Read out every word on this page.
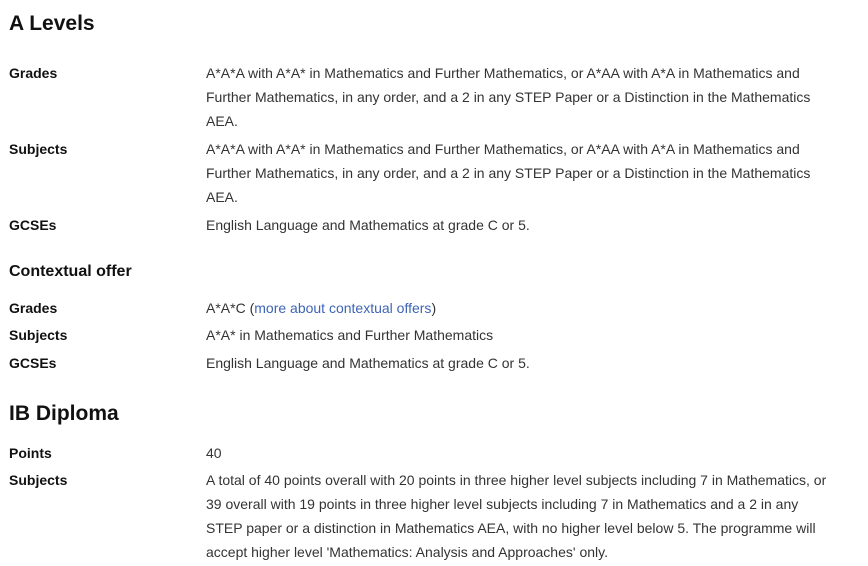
A Levels
Grades	A*A*A with A*A* in Mathematics and Further Mathematics, or A*AA with A*A in Mathematics and Further Mathematics, in any order, and a 2 in any STEP Paper or a Distinction in the Mathematics AEA.
Subjects	A*A*A with A*A* in Mathematics and Further Mathematics, or A*AA with A*A in Mathematics and Further Mathematics, in any order, and a 2 in any STEP Paper or a Distinction in the Mathematics AEA.
GCSEs	English Language and Mathematics at grade C or 5.
Contextual offer
Grades	A*A*C (more about contextual offers)
Subjects	A*A* in Mathematics and Further Mathematics
GCSEs	English Language and Mathematics at grade C or 5.
IB Diploma
Points	40
Subjects	A total of 40 points overall with 20 points in three higher level subjects including 7 in Mathematics, or 39 overall with 19 points in three higher level subjects including 7 in Mathematics and a 2 in any STEP paper or a distinction in Mathematics AEA, with no higher level below 5. The programme will accept higher level 'Mathematics: Analysis and Approaches' only.
